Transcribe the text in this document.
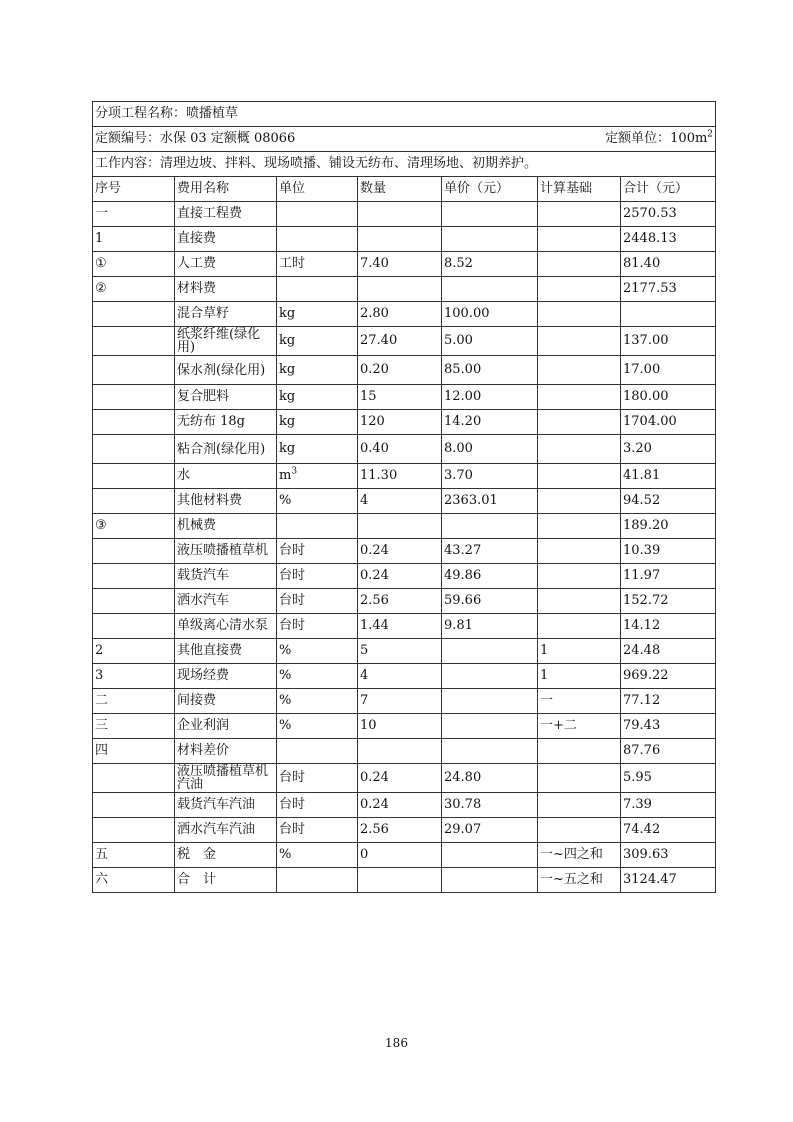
分项工程名称：喷播植草						
定额编号：水保 03 定额概 08066 定额单位：$100m^2$

工作内容：清理边坡、拌料、现场喷播、铺设无纺布、清理场地、初期养护。						
序号	费用名称	单位	数量	单价（元）	计算基础	合计（元）
一	直接工程费					2570.53
1	直接费					2448.13
①	人工费	工时	7.40	8.52		81.40
②	材料费					2177.53
	混合草籽	kg	2.80	100.00		
	纸浆纤维(绿化用)	kg	27.40	5.00		137.00
	保水剂(绿化用)	kg	0.20	85.00		17.00
	复合肥料	kg	15	12.00		180.00
	无纺布 18g	kg	120	14.20		1704.00
	粘合剂(绿化用)	kg	0.40	8.00		3.20
	水	$m^3$	11.30	3.70		41.81
	其他材料费	%	4	2363.01		94.52
③	机械费					189.20
	液压喷播植草机	台时	0.24	43.27		10.39
	载货汽车	台时	0.24	49.86		11.97
	洒水汽车	台时	2.56	59.66		152.72
	单级离心清水泵	台时	1.44	9.81		14.12
2	其他直接费	%	5		1	24.48
3	现场经费	%	4		1	969.22
二	间接费	%	7		一	77.12
三	企业利润	%	10		一+二	79.43
四	材料差价					87.76
	液压喷播植草机汽油	台时	0.24	24.80		5.95
	载货汽车汽油	台时	0.24	30.78		7.39
	洒水汽车汽油	台时	2.56	29.07		74.42
五	税　金	%	0		一~四之和	309.63
六	合　计				一~五之和	3124.47
186
